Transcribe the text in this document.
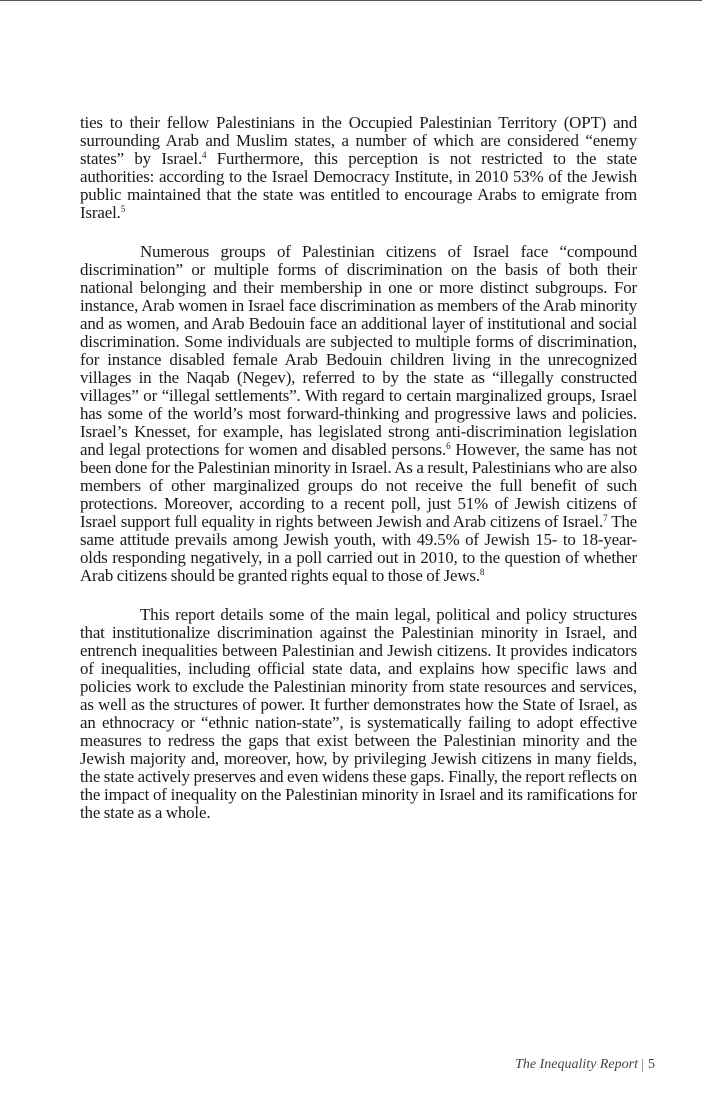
ties to their fellow Palestinians in the Occupied Palestinian Territory (OPT) and surrounding Arab and Muslim states, a number of which are considered “enemy states” by Israel.$^4$ Furthermore, this perception is not restricted to the state authorities: according to the Israel Democracy Institute, in 2010 53% of the Jewish public maintained that the state was entitled to encourage Arabs to emigrate from Israel.$^5$

Numerous groups of Palestinian citizens of Israel face “compound discrimination” or multiple forms of discrimination on the basis of both their national belonging and their membership in one or more distinct subgroups. For instance, Arab women in Israel face discrimination as members of the Arab minority and as women, and Arab Bedouin face an additional layer of institutional and social discrimination. Some individuals are subjected to multiple forms of discrimination, for instance disabled female Arab Bedouin children living in the unrecognized villages in the Naqab (Negev), referred to by the state as “illegally constructed villages” or “illegal settlements”. With regard to certain marginalized groups, Israel has some of the world’s most forward-thinking and progressive laws and policies. Israel’s Knesset, for example, has legislated strong anti-discrimination legislation and legal protections for women and disabled persons.$^6$ However, the same has not been done for the Palestinian minority in Israel. As a result, Palestinians who are also members of other marginalized groups do not receive the full benefit of such protections. Moreover, according to a recent poll, just 51% of Jewish citizens of Israel support full equality in rights between Jewish and Arab citizens of Israel.$^7$ The same attitude prevails among Jewish youth, with 49.5% of Jewish 15- to 18-year-olds responding negatively, in a poll carried out in 2010, to the question of whether Arab citizens should be granted rights equal to those of Jews.$^8$

This report details some of the main legal, political and policy structures that institutionalize discrimination against the Palestinian minority in Israel, and entrench inequalities between Palestinian and Jewish citizens. It provides indicators of inequalities, including official state data, and explains how specific laws and policies work to exclude the Palestinian minority from state resources and services, as well as the structures of power. It further demonstrates how the State of Israel, as an ethnocracy or “ethnic nation-state”, is systematically failing to adopt effective measures to redress the gaps that exist between the Palestinian minority and the Jewish majority and, moreover, how, by privileging Jewish citizens in many fields, the state actively preserves and even widens these gaps. Finally, the report reflects on the impact of inequality on the Palestinian minority in Israel and its ramifications for the state as a whole.

The Inequality Report 5
